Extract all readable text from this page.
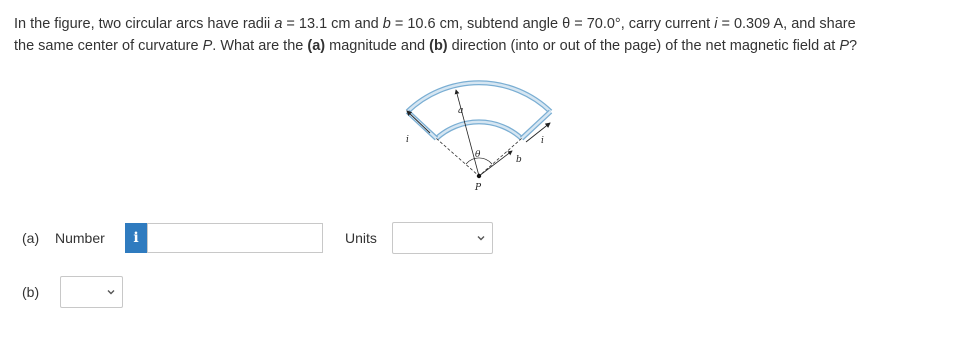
In the figure, two circular arcs have radii a = 13.1 cm and b = 10.6 cm, subtend angle θ = 70.0°, carry current i = 0.309 A, and share
the same center of curvature P. What are the (a) magnitude and (b) direction (into or out of the page) of the net magnetic field at P?
a
b
θ
P
i	i
(a)	Number	i	Units
(b)
